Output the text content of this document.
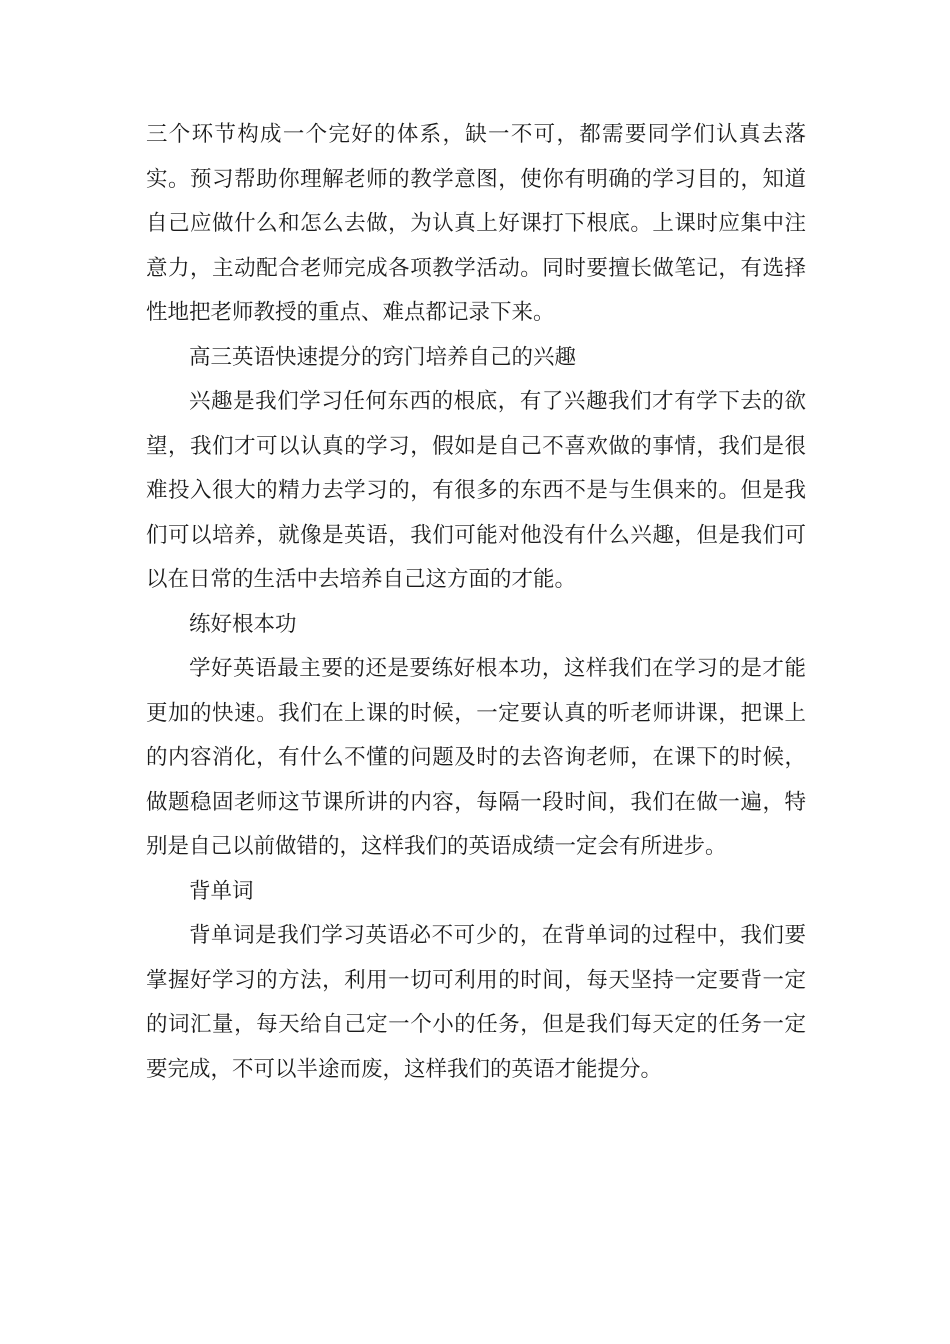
三个环节构成一个完好的体系，缺一不可，都需要同学们认真去落实。预习帮助你理解老师的教学意图，使你有明确的学习目的，知道自己应做什么和怎么去做，为认真上好课打下根底。上课时应集中注意力，主动配合老师完成各项教学活动。同时要擅长做笔记，有选择性地把老师教授的重点、难点都记录下来。

高三英语快速提分的窍门培养自己的兴趣

兴趣是我们学习任何东西的根底，有了兴趣我们才有学下去的欲望，我们才可以认真的学习，假如是自己不喜欢做的事情，我们是很难投入很大的精力去学习的，有很多的东西不是与生俱来的。但是我们可以培养，就像是英语，我们可能对他没有什么兴趣，但是我们可以在日常的生活中去培养自己这方面的才能。

练好根本功

学好英语最主要的还是要练好根本功，这样我们在学习的是才能更加的快速。我们在上课的时候，一定要认真的听老师讲课，把课上的内容消化，有什么不懂的问题及时的去咨询老师，在课下的时候，做题稳固老师这节课所讲的内容，每隔一段时间，我们在做一遍，特别是自己以前做错的，这样我们的英语成绩一定会有所进步。

背单词

背单词是我们学习英语必不可少的，在背单词的过程中，我们要掌握好学习的方法，利用一切可利用的时间，每天坚持一定要背一定的词汇量，每天给自己定一个小的任务，但是我们每天定的任务一定要完成，不可以半途而废，这样我们的英语才能提分。
